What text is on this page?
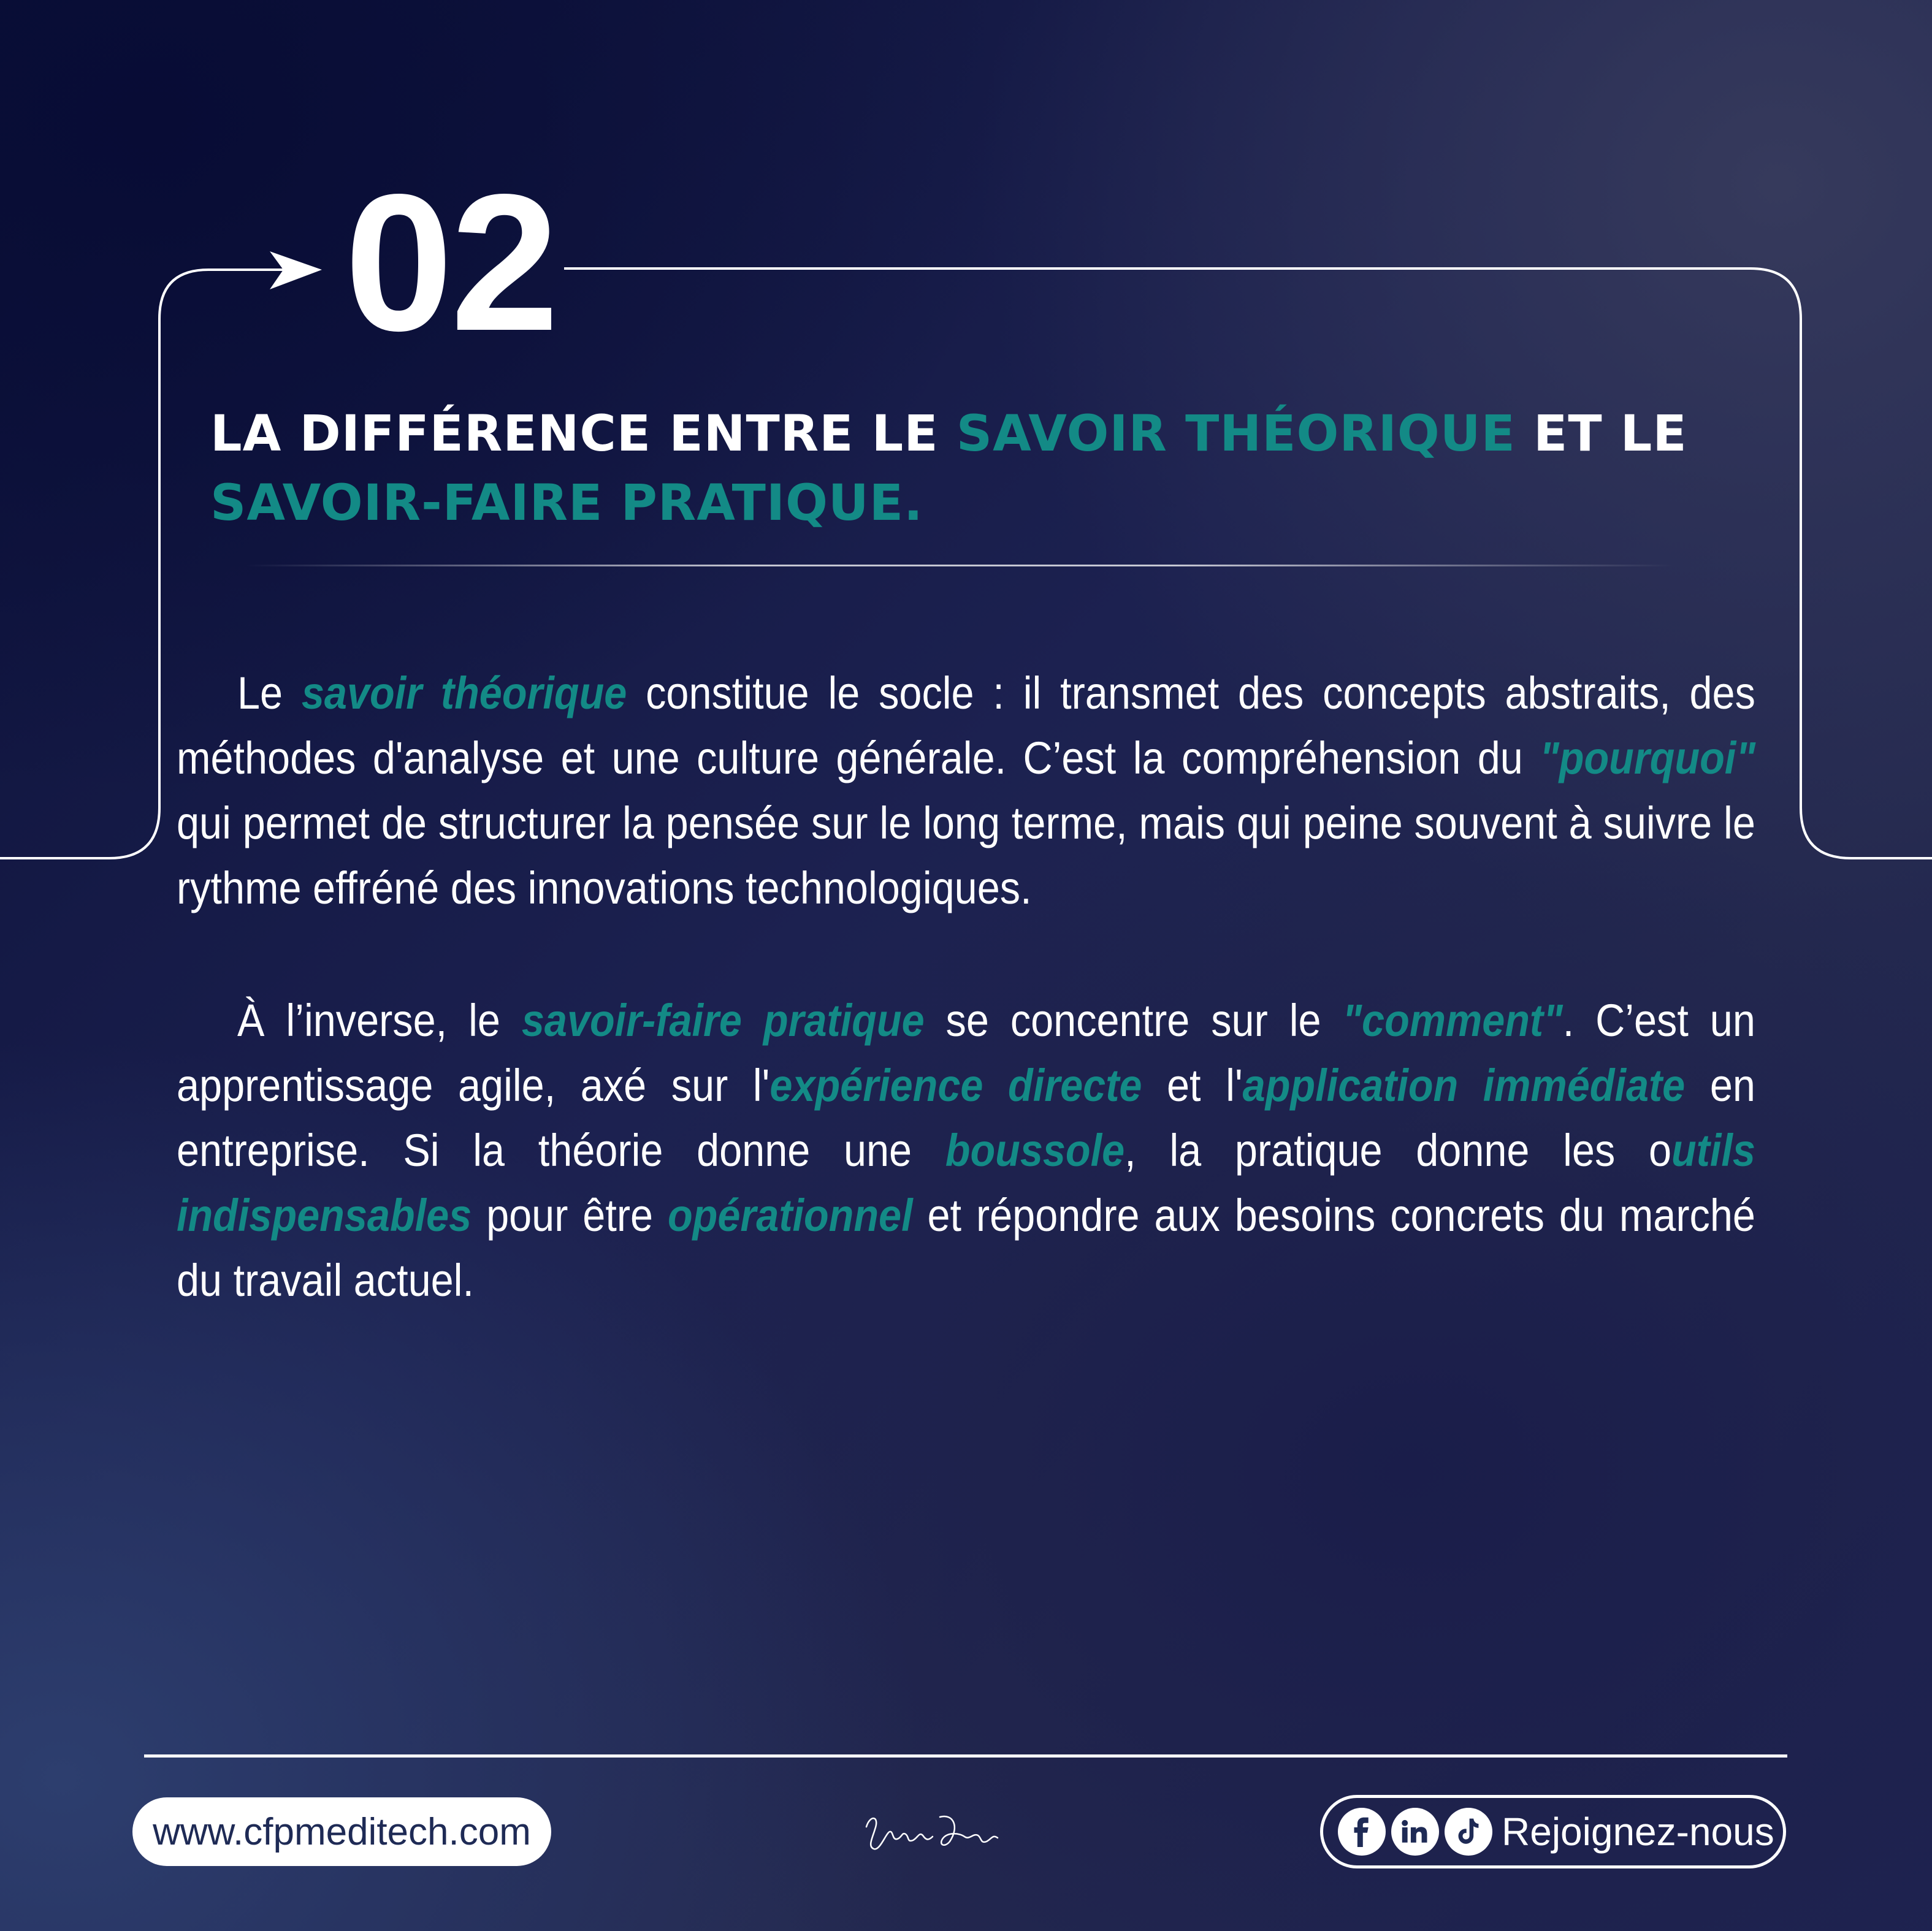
02
LA DIFFÉRENCE ENTRE LE SAVOIR THÉORIQUE ET LE SAVOIR-FAIRE PRATIQUE.

Le savoir théorique constitue le socle : il transmet des concepts abstraits, des méthodes d'analyse et une culture générale. C’est la compréhension du "pourquoi" qui permet de structurer la pensée sur le long terme, mais qui peine souvent à suivre le rythme effréné des innovations technologiques.

À l’inverse, le savoir-faire pratique se concentre sur le "comment". C’est un apprentissage agile, axé sur l'expérience directe et l'application immédiate en entreprise. Si la théorie donne une boussole, la pratique donne les outils indispensables pour être opérationnel et répondre aux besoins concrets du marché du travail actuel.

www.cfpmeditech.com	Rejoignez-nous
